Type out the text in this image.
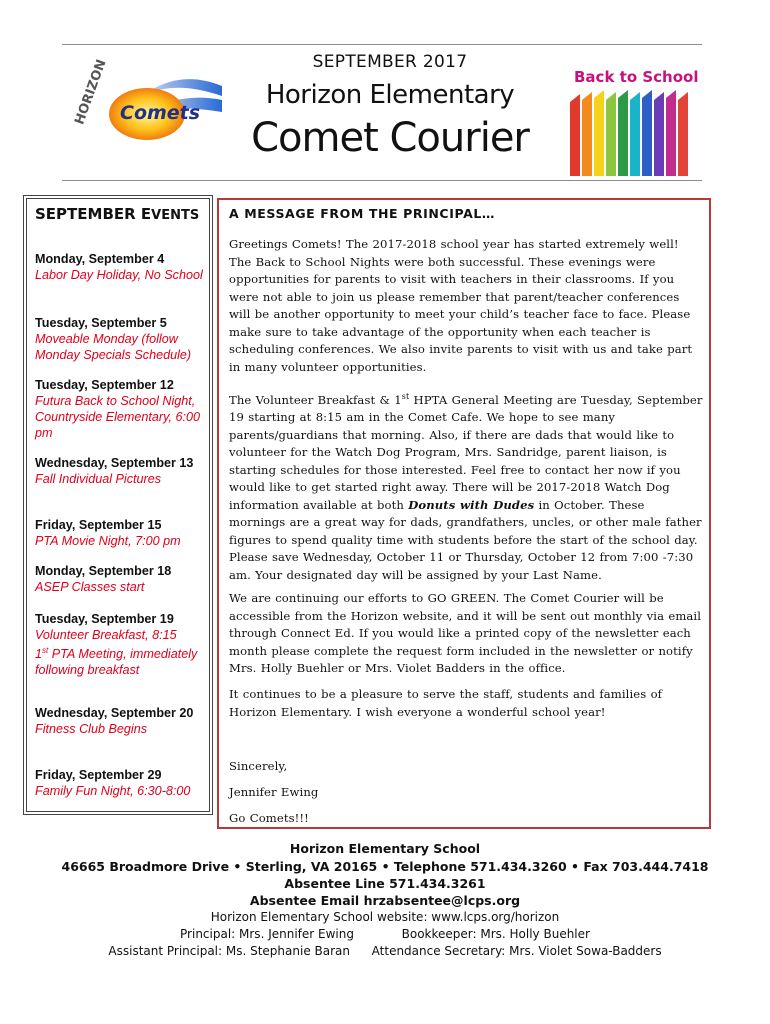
HORIZON Comets
SEPTEMBER 2017
Horizon Elementary
Comet Courier
Back to School
SEPTEMBER EVENTS
Monday, September 4
Labor Day Holiday, No School
Tuesday, September 5
Moveable Monday (follow Monday Specials Schedule)
Tuesday, September 12
Futura Back to School Night, Countryside Elementary, 6:00 pm
Wednesday, September 13
Fall Individual Pictures
Friday, September 15
PTA Movie Night, 7:00 pm
Monday, September 18
ASEP Classes start
Tuesday, September 19
Volunteer Breakfast, 8:15
1st PTA Meeting, immediately following breakfast
Wednesday, September 20
Fitness Club Begins
Friday, September 29
Family Fun Night, 6:30-8:00
A MESSAGE FROM THE PRINCIPAL…
Greetings Comets! The 2017-2018 school year has started extremely well! The Back to School Nights were both successful. These evenings were opportunities for parents to visit with teachers in their classrooms. If you were not able to join us please remember that parent/teacher conferences will be another opportunity to meet your child’s teacher face to face. Please make sure to take advantage of the opportunity when each teacher is scheduling conferences. We also invite parents to visit with us and take part in many volunteer opportunities.
The Volunteer Breakfast & 1st HPTA General Meeting are Tuesday, September 19 starting at 8:15 am in the Comet Cafe. We hope to see many parents/guardians that morning. Also, if there are dads that would like to volunteer for the Watch Dog Program, Mrs. Sandridge, parent liaison, is starting schedules for those interested. Feel free to contact her now if you would like to get started right away. There will be 2017-2018 Watch Dog information available at both Donuts with Dudes in October. These mornings are a great way for dads, grandfathers, uncles, or other male father figures to spend quality time with students before the start of the school day. Please save Wednesday, October 11 or Thursday, October 12 from 7:00 -7:30 am. Your designated day will be assigned by your Last Name.
We are continuing our efforts to GO GREEN. The Comet Courier will be accessible from the Horizon website, and it will be sent out monthly via email through Connect Ed. If you would like a printed copy of the newsletter each month please complete the request form included in the newsletter or notify Mrs. Holly Buehler or Mrs. Violet Badders in the office.
It continues to be a pleasure to serve the staff, students and families of Horizon Elementary. I wish everyone a wonderful school year!
Sincerely,
Jennifer Ewing
Go Comets!!!
Horizon Elementary School
46665 Broadmore Drive • Sterling, VA 20165 • Telephone 571.434.3260 • Fax 703.444.7418
Absentee Line 571.434.3261
Absentee Email hrzabsentee@lcps.org
Horizon Elementary School website: www.lcps.org/horizon
Principal: Mrs. Jennifer Ewing	Bookkeeper: Mrs. Holly Buehler
Assistant Principal: Ms. Stephanie Baran Attendance Secretary: Mrs. Violet Sowa-Badders
